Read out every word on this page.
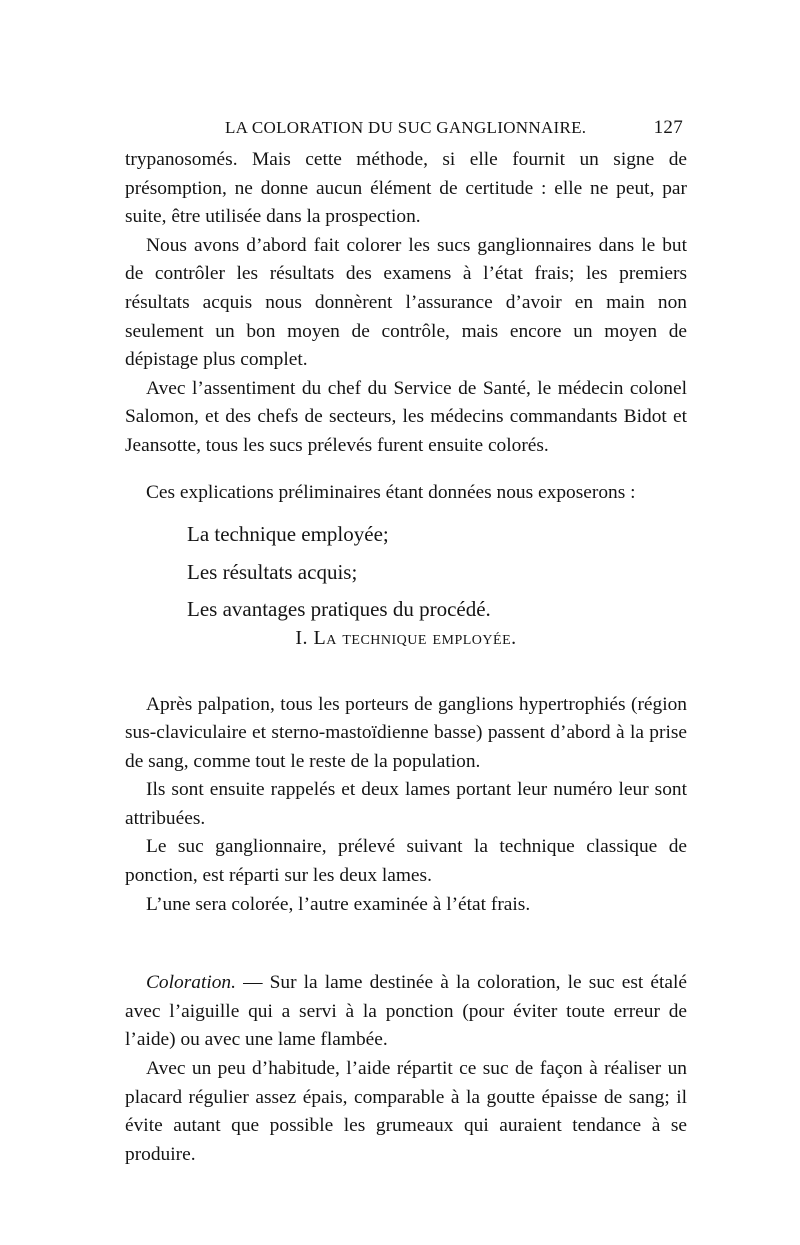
LA COLORATION DU SUC GANGLIONNAIRE.	127

trypanosomés. Mais cette méthode, si elle fournit un signe de présomption, ne donne aucun élément de certitude : elle ne peut, par suite, être utilisée dans la prospection.

Nous avons d’abord fait colorer les sucs ganglionnaires dans le but de contrôler les résultats des examens à l’état frais; les premiers résultats acquis nous donnèrent l’assurance d’avoir en main non seulement un bon moyen de contrôle, mais encore un moyen de dépistage plus complet.

Avec l’assentiment du chef du Service de Santé, le médecin colonel Salomon, et des chefs de secteurs, les médecins commandants Bidot et Jeansotte, tous les sucs prélevés furent ensuite colorés.

Ces explications préliminaires étant données nous exposerons :

La technique employée;

Les résultats acquis;

Les avantages pratiques du procédé.

I. La technique employée.

Après palpation, tous les porteurs de ganglions hypertrophiés (région sus-claviculaire et sterno-mastoïdienne basse) passent d’abord à la prise de sang, comme tout le reste de la population.

Ils sont ensuite rappelés et deux lames portant leur numéro leur sont attribuées.

Le suc ganglionnaire, prélevé suivant la technique classique de ponction, est réparti sur les deux lames.

L’une sera colorée, l’autre examinée à l’état frais.

Coloration. — Sur la lame destinée à la coloration, le suc est étalé avec l’aiguille qui a servi à la ponction (pour éviter toute erreur de l’aide) ou avec une lame flambée.

Avec un peu d’habitude, l’aide répartit ce suc de façon à réaliser un placard régulier assez épais, comparable à la goutte épaisse de sang; il évite autant que possible les grumeaux qui auraient tendance à se produire.
